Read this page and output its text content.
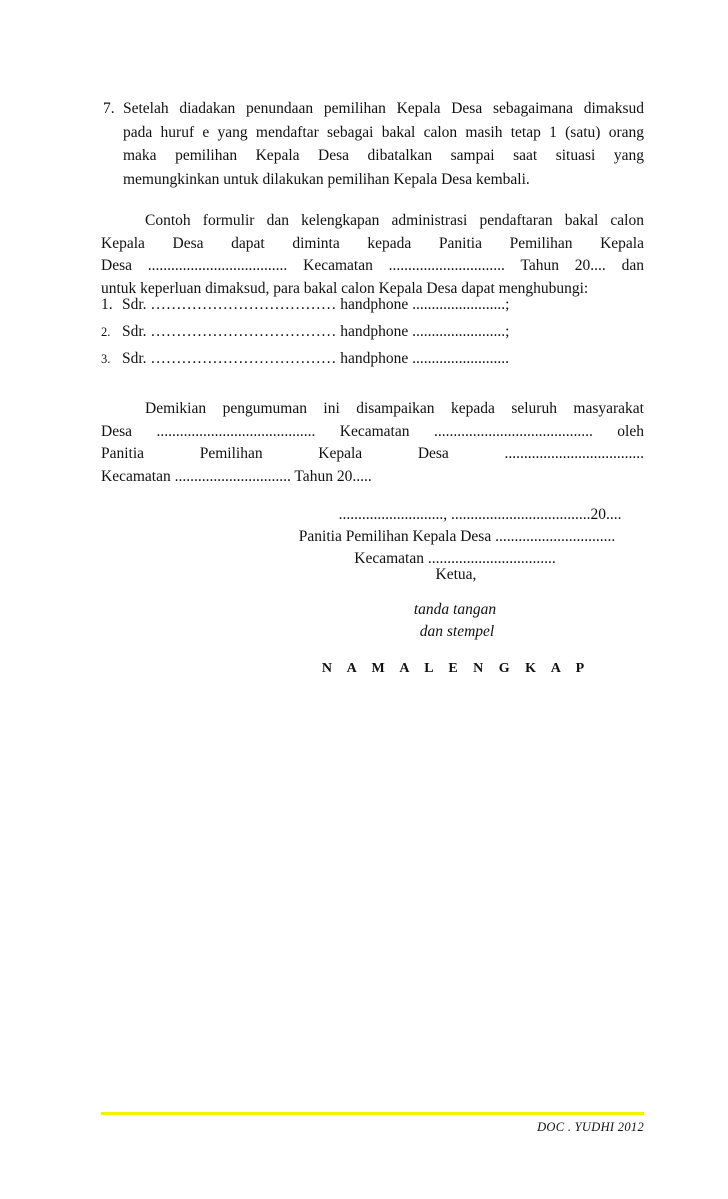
7. Setelah diadakan penundaan pemilihan Kepala Desa sebagaimana dimaksud
pada huruf e yang mendaftar sebagai bakal calon masih tetap 1 (satu) orang
maka pemilihan Kepala Desa dibatalkan sampai saat situasi yang
memungkinkan untuk dilakukan pemilihan Kepala Desa kembali.
Contoh formulir dan kelengkapan administrasi pendaftaran bakal calon
Kepala Desa dapat diminta kepada Panitia Pemilihan Kepala
Desa .................................... Kecamatan .............................. Tahun 20.... dan
untuk keperluan dimaksud, para bakal calon Kepala Desa dapat menghubungi:
1. Sdr. ……………………………… handphone ........................;
2. Sdr. ……………………………… handphone ........................;
3. Sdr. ……………………………… handphone .........................
Demikian pengumuman ini disampaikan kepada seluruh masyarakat
Desa ......................................... Kecamatan ......................................... oleh
Panitia Pemilihan Kepala Desa ....................................
Kecamatan .............................. Tahun 20.....
..........................., ....................................20....
Panitia Pemilihan Kepala Desa ...............................
Kecamatan .................................
Ketua,
tanda tangan
dan stempel
N A M A L E N G K A P
DOC . YUDHI 2012
